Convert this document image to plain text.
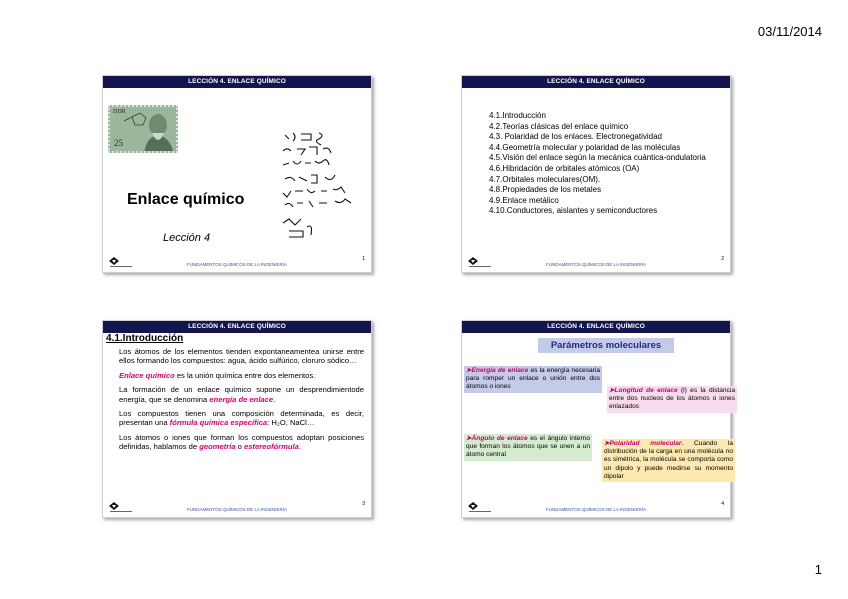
03/11/2014
LECCIÓN 4. ENLACE QUÍMICO
DDR
25
Enlace químico
Lección 4
FUNDAMENTOS QUÍMICOS DE LA INGENIERÍA
1
LECCIÓN 4. ENLACE QUÍMICO
4.1.Introducción
4.2.Teorías clásicas del enlace químico
4.3. Polaridad de los enlaces. Electronegatividad
4.4.Geometría molecular y polaridad de las moléculas
4.5.Visión del enlace según la mecánica cuántica-ondulatoria
4.6.Hibridación de orbitales atómicos (OA)
4.7.Orbitales moleculares(OM).
4.8.Propiedades de los metales
4.9.Enlace metálico
4.10.Conductores, aislantes y semiconductores
FUNDAMENTOS QUÍMICOS DE LA INGENIERÍA
2
LECCIÓN 4. ENLACE QUÍMICO
4.1.Introducción

Los átomos de los elementos tienden expontaneamentea unirse entre ellos formando los compuestos: agua, ácido sulfúrico, cloruro sódico…

Enlace químico es la unión química entre dos elementos.

La formación de un enlace químico supone un desprendimientode energía, que se denomina energía de enlace.

Los compuestos tienen una composición determinada, es decir, presentan una fórmula química específica: H₂O, NaCl…

Los átomos o iones que forman los compuestos adoptan posiciones definidas, hablamos de geometría o estereofórmula.

FUNDAMENTOS QUÍMICOS DE LA INGENIERÍA
3
LECCIÓN 4. ENLACE QUÍMICO
Parámetros moleculares
➤Energía de enlace es la energía necesaria para romper un enlace o unión entre dos átomos o iones
➤Longitud de enlace (l) es la distancia entre dos nucleos de los átomos o iones enlazados
➤Ángulo de enlace es el ángulo interno que forman los átomos que se unen a un átomo central
➤Polaridad molecular. Cuando la distribución de la carga en una molécula no es simétrica, la molécula se comporta como un dipolo y puede medirse su momento dipolar
FUNDAMENTOS QUÍMICOS DE LA INGENIERÍA
4
1
